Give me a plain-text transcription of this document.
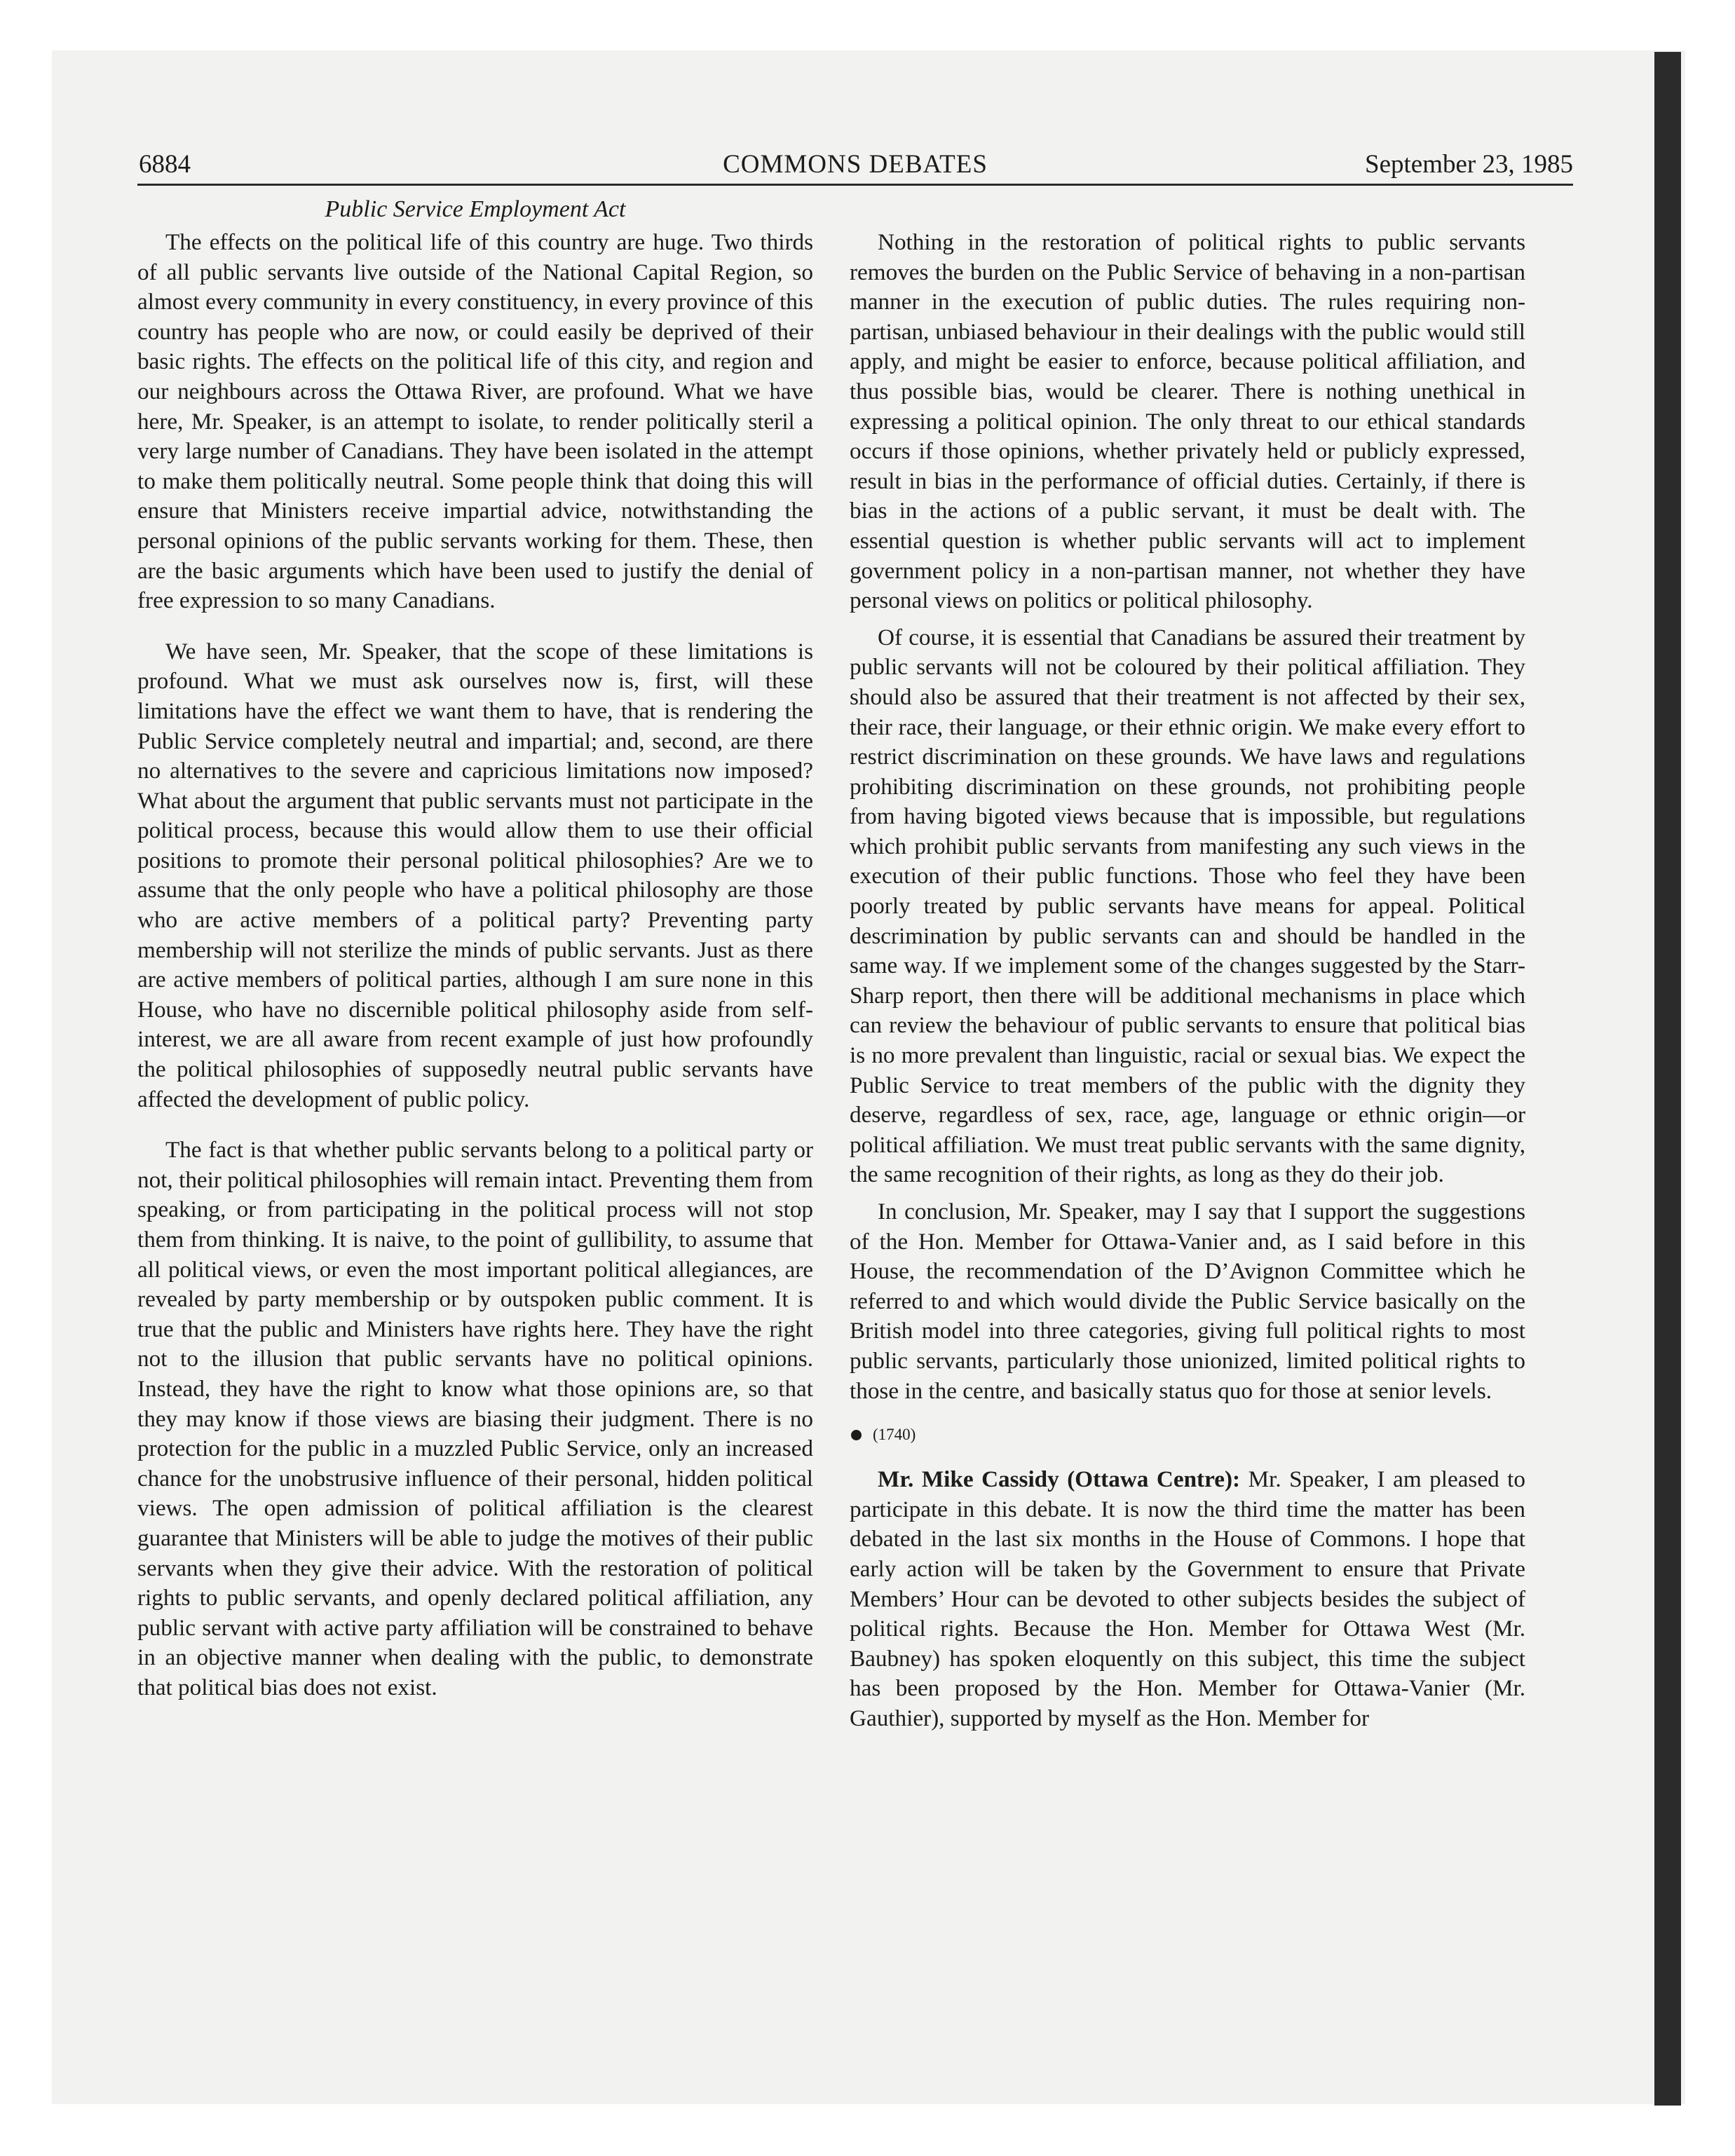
6884	COMMONS DEBATES	September 23, 1985
Public Service Employment Act

The effects on the political life of this country are huge. Two thirds of all public servants live outside of the National Capital Region, so almost every community in every constituency, in every province of this country has people who are now, or could easily be deprived of their basic rights. The effects on the political life of this city, and region and our neighbours across the Ottawa River, are profound. What we have here, Mr. Speaker, is an attempt to isolate, to render politically steril a very large number of Canadians. They have been isolated in the attempt to make them politically neutral. Some people think that doing this will ensure that Ministers receive impartial advice, notwithstanding the personal opinions of the public servants working for them. These, then are the basic arguments which have been used to justify the denial of free expression to so many Canadians.

We have seen, Mr. Speaker, that the scope of these limitations is profound. What we must ask ourselves now is, first, will these limitations have the effect we want them to have, that is rendering the Public Service completely neutral and impartial; and, second, are there no alternatives to the severe and capricious limitations now imposed? What about the argument that public servants must not participate in the political process, because this would allow them to use their official positions to promote their personal political philosophies? Are we to assume that the only people who have a political philosophy are those who are active members of a political party? Preventing party membership will not sterilize the minds of public servants. Just as there are active members of political parties, although I am sure none in this House, who have no discernible political philosophy aside from self-interest, we are all aware from recent example of just how profoundly the political philosophies of supposedly neutral public servants have affected the development of public policy.

The fact is that whether public servants belong to a political party or not, their political philosophies will remain intact. Preventing them from speaking, or from participating in the political process will not stop them from thinking. It is naive, to the point of gullibility, to assume that all political views, or even the most important political allegiances, are revealed by party membership or by outspoken public comment. It is true that the public and Ministers have rights here. They have the right not to the illusion that public servants have no political opinions. Instead, they have the right to know what those opinions are, so that they may know if those views are biasing their judgment. There is no protection for the public in a muzzled Public Service, only an increased chance for the unobstrusive influence of their personal, hidden political views. The open admission of political affiliation is the clearest guarantee that Ministers will be able to judge the motives of their public servants when they give their advice. With the restoration of political rights to public servants, and openly declared political affiliation, any public servant with active party affiliation will be constrained to behave in an objective manner when dealing with the public, to demonstrate that political bias does not exist.

Nothing in the restoration of political rights to public servants removes the burden on the Public Service of behaving in a non-partisan manner in the execution of public duties. The rules requiring non-partisan, unbiased behaviour in their dealings with the public would still apply, and might be easier to enforce, because political affiliation, and thus possible bias, would be clearer. There is nothing unethical in expressing a political opinion. The only threat to our ethical standards occurs if those opinions, whether privately held or publicly expressed, result in bias in the performance of official duties. Certainly, if there is bias in the actions of a public servant, it must be dealt with. The essential question is whether public servants will act to implement government policy in a non-partisan manner, not whether they have personal views on politics or political philosophy.

Of course, it is essential that Canadians be assured their treatment by public servants will not be coloured by their political affiliation. They should also be assured that their treatment is not affected by their sex, their race, their language, or their ethnic origin. We make every effort to restrict discrimination on these grounds. We have laws and regulations prohibiting discrimination on these grounds, not prohibiting people from having bigoted views because that is impossible, but regulations which prohibit public servants from manifesting any such views in the execution of their public functions. Those who feel they have been poorly treated by public servants have means for appeal. Political descrimination by public servants can and should be handled in the same way. If we implement some of the changes suggested by the Starr-Sharp report, then there will be additional mechanisms in place which can review the behaviour of public servants to ensure that political bias is no more prevalent than linguistic, racial or sexual bias. We expect the Public Service to treat members of the public with the dignity they deserve, regardless of sex, race, age, language or ethnic origin—or political affiliation. We must treat public servants with the same dignity, the same recognition of their rights, as long as they do their job.

In conclusion, Mr. Speaker, may I say that I support the suggestions of the Hon. Member for Ottawa-Vanier and, as I said before in this House, the recommendation of the D’Avignon Committee which he referred to and which would divide the Public Service basically on the British model into three categories, giving full political rights to most public servants, particularly those unionized, limited political rights to those in the centre, and basically status quo for those at senior levels.

(1740)

Mr. Mike Cassidy (Ottawa Centre): Mr. Speaker, I am pleased to participate in this debate. It is now the third time the matter has been debated in the last six months in the House of Commons. I hope that early action will be taken by the Government to ensure that Private Members’ Hour can be devoted to other subjects besides the subject of political rights. Because the Hon. Member for Ottawa West (Mr. Baubney) has spoken eloquently on this subject, this time the subject has been proposed by the Hon. Member for Ottawa-Vanier (Mr. Gauthier), supported by myself as the Hon. Member for
